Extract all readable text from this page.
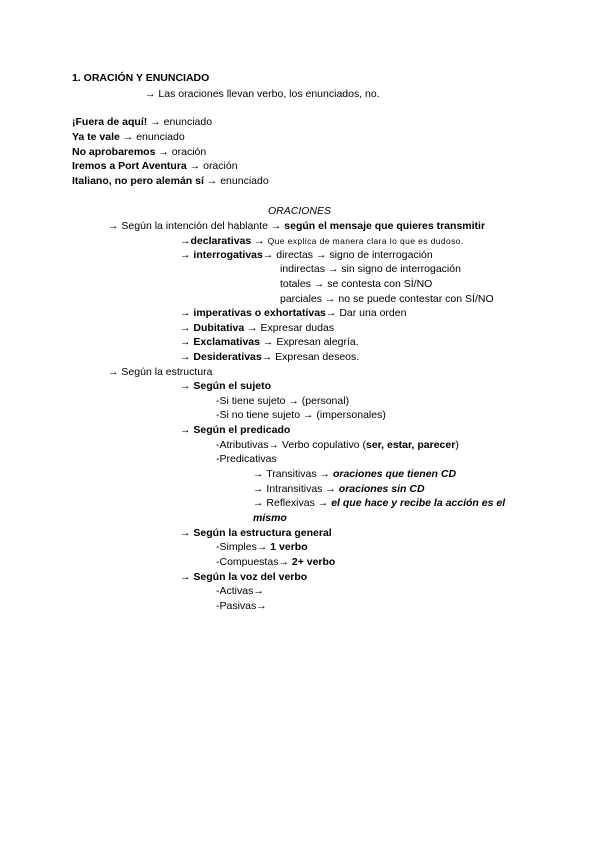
1. ORACIÓN Y ENUNCIADO
→ Las oraciones llevan verbo, los enunciados, no.
¡Fuera de aquí! → enunciado
Ya te vale → enunciado
No aprobaremos → oración
Iremos a Port Aventura → oración
Italiano, no pero alemán sí → enunciado
ORACIONES
→ Según la intención del hablante → según el mensaje que quieres transmitir
→declarativas → Que explica de manera clara lo que es dudoso.
→ interrogativas→ directas → signo de interrogación
indirectas → sin signo de interrogación
totales → se contesta con SÍ/NO
parciales → no se puede contestar con SÍ/NO
→ imperativas o exhortativas→ Dar una orden
→ Dubitativa → Expresar dudas
→ Exclamativas → Expresan alegría.
→ Desiderativas→ Expresan deseos.
→ Según la estructura
→ Según el sujeto
-Si tiene sujeto → (personal)
-Si no tiene sujeto → (impersonales)
→ Según el predicado
-Atributivas→ Verbo copulativo (ser, estar, parecer)
-Predicativas
→ Transitivas → oraciones que tienen CD
→ Intransitivas → oraciones sin CD
→ Reflexivas → el que hace y recibe la acción es el
mismo
→ Según la estructura general
-Simples→ 1 verbo
-Compuestas→ 2+ verbo
→ Según la voz del verbo
-Activas→
-Pasivas→
